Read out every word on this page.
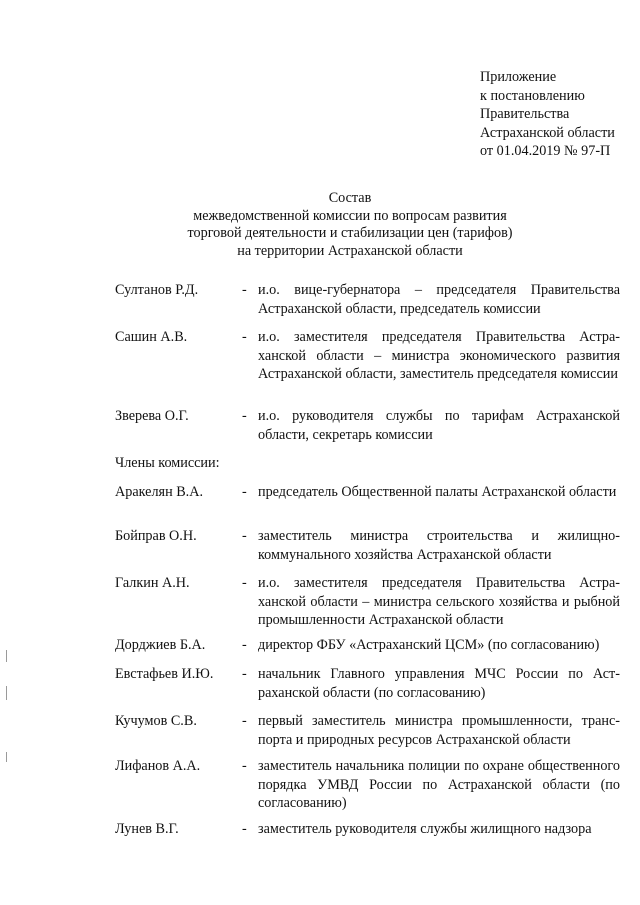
Приложение
к постановлению
Правительства
Астраханской области
от 01.04.2019 № 97-П
Состав
межведомственной комиссии по вопросам развития
торговой деятельности и стабилизации цен (тарифов)
на территории Астраханской области
Султанов Р.Д.	- и.о. вице-губернатора – председателя Правительства Астраханской области, председатель комиссии
Сашин А.В.	- и.о. заместителя председателя Правительства Астраханской области – министра экономического развития Астраханской области, заместитель председателя комиссии
Зверева О.Г.	- и.о. руководителя службы по тарифам Астраханской области, секретарь комиссии
Члены комиссии:
Аракелян В.А.	- председатель Общественной палаты Астраханской области
Бойправ О.Н.	- заместитель министра строительства и жилищно-коммунального хозяйства Астраханской области
Галкин А.Н.	- и.о. заместителя председателя Правительства Астраханской области – министра сельского хозяйства и рыбной промышленности Астраханской области
Дорджиев Б.А.	- директор ФБУ «Астраханский ЦСМ» (по согласованию)
Евстафьев И.Ю.	- начальник Главного управления МЧС России по Астраханской области (по согласованию)
Кучумов С.В.	- первый заместитель министра промышленности, транспорта и природных ресурсов Астраханской области
Лифанов А.А.	- заместитель начальника полиции по охране общественного порядка УМВД России по Астраханской области (по согласованию)
Лунев В.Г.	- заместитель руководителя службы жилищного надзора
